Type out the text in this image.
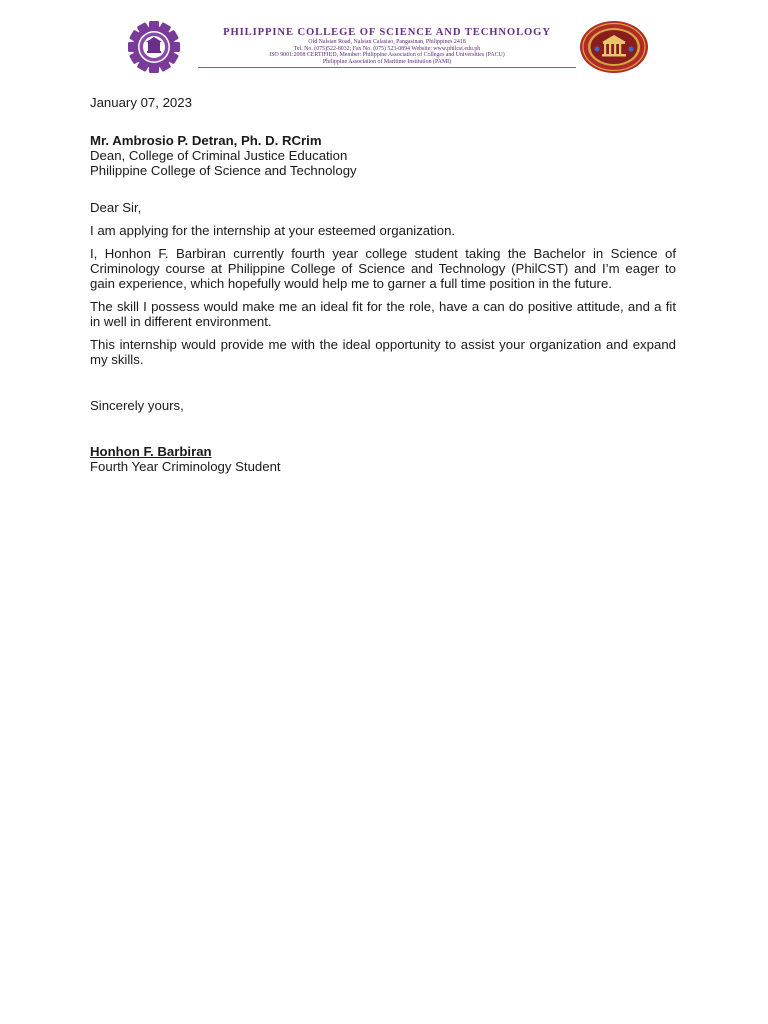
PHILIPPINE COLLEGE OF SCIENCE AND TECHNOLOGY
Old Nalsian Road, Nalsian Calasiao, Pangasinan, Philippines 2418
Tel. No. (075)522-8032; Fax No. (075) 523-0894 Website: www.philcst.edu.ph
ISO 9001:2008 CERTIFIED, Member: Philippine Association of Colleges and Universities (PACU)
Philippine Association of Maritime Institution (PAMI)

January 07, 2023

Mr. Ambrosio P. Detran, Ph. D. RCrim

Dean, College of Criminal Justice Education

Philippine College of Science and Technology

Dear Sir,

I am applying for the internship at your esteemed organization.

I, Honhon F. Barbiran currently fourth year college student taking the Bachelor in Science of Criminology course at Philippine College of Science and Technology (PhilCST) and I’m eager to gain experience, which hopefully would help me to garner a full time position in the future.

The skill I possess would make me an ideal fit for the role, have a can do positive attitude, and a fit in well in different environment.

This internship would provide me with the ideal opportunity to assist your organization and expand my skills.

Sincerely yours,

Honhon F. Barbiran

Fourth Year Criminology Student
